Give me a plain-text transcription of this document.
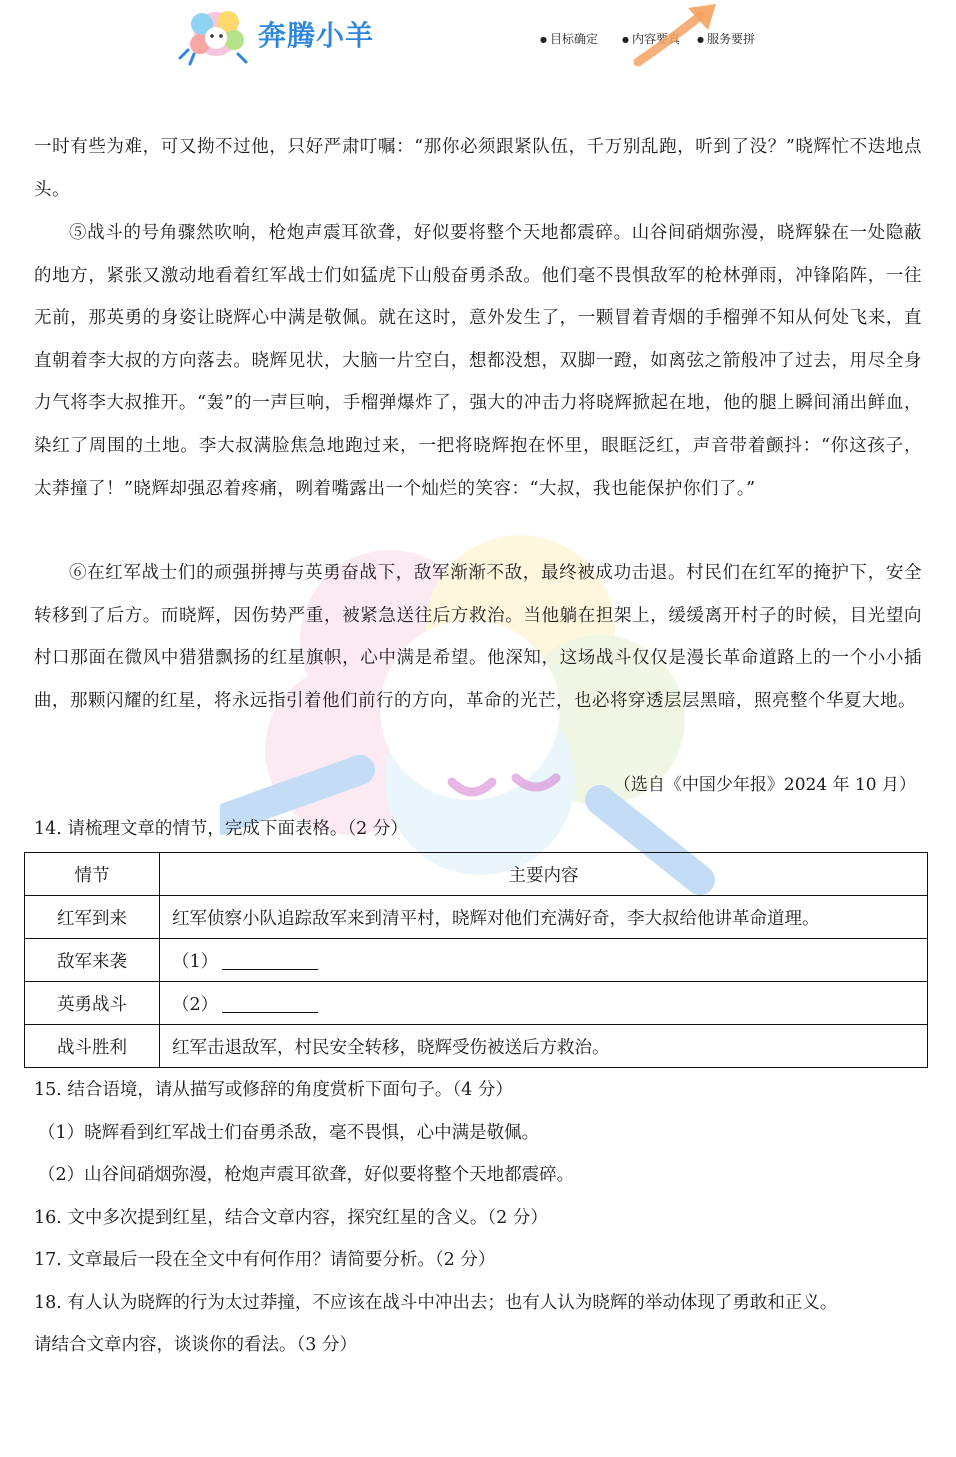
奔腾小羊	● 目标确定	● 内容要真	● 服务要拼

一时有些为难，可又拗不过他，只好严肃叮嘱：“那你必须跟紧队伍，千万别乱跑，听到了没？”晓辉忙不迭地点头。

⑤战斗的号角骤然吹响，枪炮声震耳欲聋，好似要将整个天地都震碎。山谷间硝烟弥漫，晓辉躲在一处隐蔽的地方，紧张又激动地看着红军战士们如猛虎下山般奋勇杀敌。他们毫不畏惧敌军的枪林弹雨，冲锋陷阵，一往无前，那英勇的身姿让晓辉心中满是敬佩。就在这时，意外发生了，一颗冒着青烟的手榴弹不知从何处飞来，直直朝着李大叔的方向落去。晓辉见状，大脑一片空白，想都没想，双脚一蹬，如离弦之箭般冲了过去，用尽全身力气将李大叔推开。“轰”的一声巨响，手榴弹爆炸了，强大的冲击力将晓辉掀起在地，他的腿上瞬间涌出鲜血，染红了周围的土地。李大叔满脸焦急地跑过来，一把将晓辉抱在怀里，眼眶泛红，声音带着颤抖：“你这孩子，太莽撞了！”晓辉却强忍着疼痛，咧着嘴露出一个灿烂的笑容：“大叔，我也能保护你们了。”

⑥在红军战士们的顽强拼搏与英勇奋战下，敌军渐渐不敌，最终被成功击退。村民们在红军的掩护下，安全转移到了后方。而晓辉，因伤势严重，被紧急送往后方救治。当他躺在担架上，缓缓离开村子的时候，目光望向村口那面在微风中猎猎飘扬的红星旗帜，心中满是希望。他深知，这场战斗仅仅是漫长革命道路上的一个小小插曲，那颗闪耀的红星，将永远指引着他们前行的方向，革命的光芒，也必将穿透层层黑暗，照亮整个华夏大地。

（选自《中国少年报》2024 年 10 月）

14. 请梳理文章的情节，完成下面表格。（2 分）

情节	主要内容
红军到来	红军侦察小队追踪敌军来到清平村，晓辉对他们充满好奇，李大叔给他讲革命道理。
敌军来袭	（1）
英勇战斗	（2）
战斗胜利	红军击退敌军，村民安全转移，晓辉受伤被送后方救治。

15. 结合语境，请从描写或修辞的角度赏析下面句子。（4 分）

（1）晓辉看到红军战士们奋勇杀敌，毫不畏惧，心中满是敬佩。

（2）山谷间硝烟弥漫，枪炮声震耳欲聋，好似要将整个天地都震碎。

16. 文中多次提到红星，结合文章内容，探究红星的含义。（2 分）

17. 文章最后一段在全文中有何作用？请简要分析。（2 分）

18. 有人认为晓辉的行为太过莽撞，不应该在战斗中冲出去；也有人认为晓辉的举动体现了勇敢和正义。

请结合文章内容，谈谈你的看法。（3 分）
